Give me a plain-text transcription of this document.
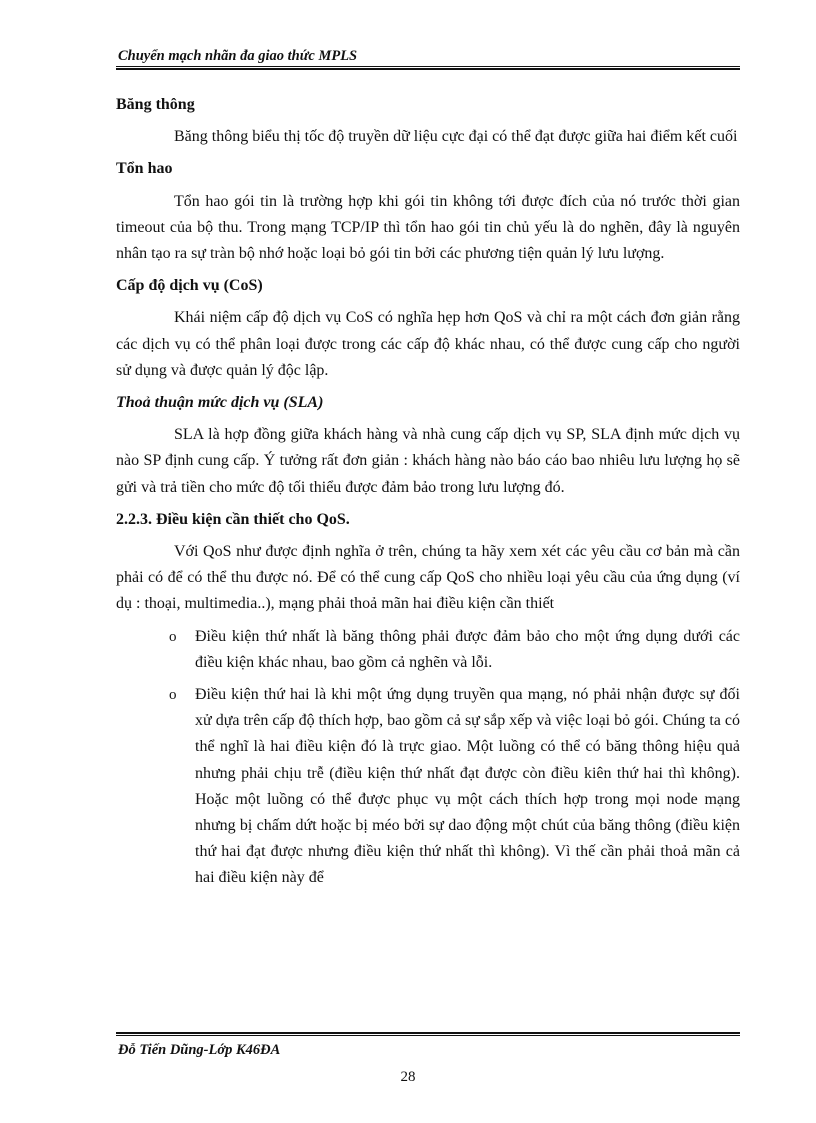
Chuyển mạch nhãn đa giao thức MPLS
Băng thông

Băng thông biểu thị tốc độ truyền dữ liệu cực đại có thể đạt được giữa hai điểm kết cuối

Tổn hao

Tổn hao gói tin là trường hợp khi gói tin không tới được đích của nó trước thời gian timeout của bộ thu. Trong mạng TCP/IP thì tổn hao gói tin chủ yếu là do nghẽn, đây là nguyên nhân tạo ra sự tràn bộ nhớ hoặc loại bỏ gói tin bởi các phương tiện quản lý lưu lượng.

Cấp độ dịch vụ (CoS)

Khái niệm cấp độ dịch vụ CoS có nghĩa hẹp hơn QoS và chỉ ra một cách đơn giản rằng các dịch vụ có thể phân loại được trong các cấp độ khác nhau, có thể được cung cấp cho người sử dụng và được quản lý độc lập.

Thoả thuận mức dịch vụ (SLA)

SLA là hợp đồng giữa khách hàng và nhà cung cấp dịch vụ SP, SLA định mức dịch vụ nào SP định cung cấp. Ý tưởng rất đơn giản : khách hàng nào báo cáo bao nhiêu lưu lượng họ sẽ gửi và trả tiền cho mức độ tối thiểu được đảm bảo trong lưu lượng đó.

2.2.3. Điều kiện cần thiết cho QoS.

Với QoS như được định nghĩa ở trên, chúng ta hãy xem xét các yêu cầu cơ bản mà cần phải có để có thể thu được nó. Để có thể cung cấp QoS cho nhiều loại yêu cầu của ứng dụng (ví dụ : thoại, multimedia..), mạng phải thoả mãn hai điều kiện cần thiết

o Điều kiện thứ nhất là băng thông phải được đảm bảo cho một ứng dụng dưới các điều kiện khác nhau, bao gồm cả nghẽn và lỗi.
o Điều kiện thứ hai là khi một ứng dụng truyền qua mạng, nó phải nhận được sự đối xử dựa trên cấp độ thích hợp, bao gồm cả sự sắp xếp và việc loại bỏ gói. Chúng ta có thể nghĩ là hai điều kiện đó là trực giao. Một luồng có thể có băng thông hiệu quả nhưng phải chịu trễ (điều kiện thứ nhất đạt được còn điều kiên thứ hai thì không). Hoặc một luồng có thể được phục vụ một cách thích hợp trong mọi node mạng nhưng bị chấm dứt hoặc bị méo bởi sự dao động một chút của băng thông (điều kiện thứ hai đạt được nhưng điều kiện thứ nhất thì không). Vì thế cần phải thoả mãn cả hai điều kiện này để
Đỗ Tiến Dũng-Lớp K46ĐA
28
